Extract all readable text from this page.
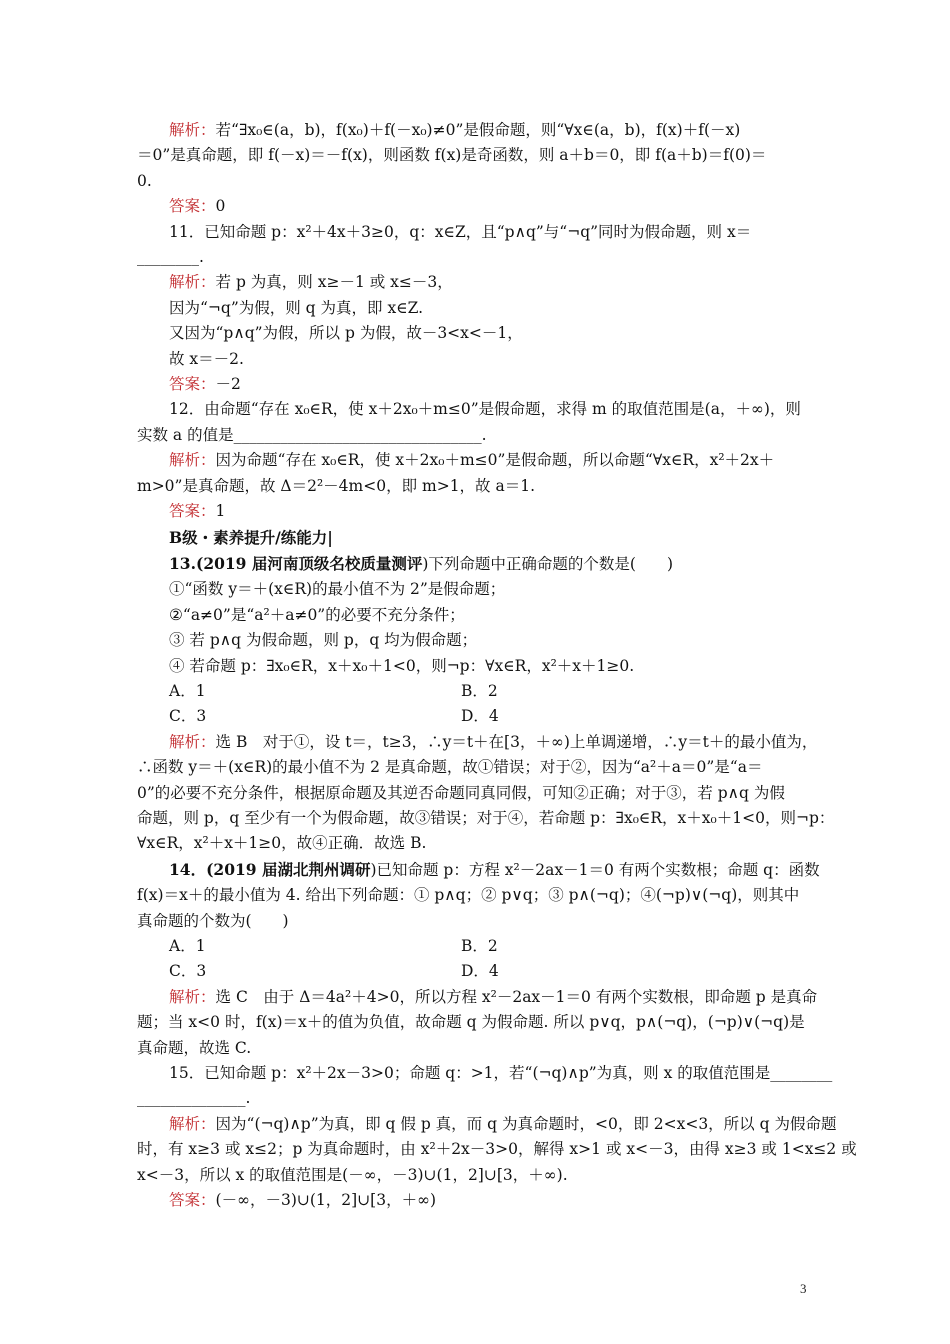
解析：若“∃x₀∈(a，b)，f(x₀)＋f(－x₀)≠0”是假命题，则“∀x∈(a，b)，f(x)＋f(－x)
＝0”是真命题，即 f(－x)＝－f(x)，则函数 f(x)是奇函数，则 a＋b＝0，即 f(a＋b)＝f(0)＝
0.
答案：0
11．已知命题 p：x²＋4x＋3≥0，q：x∈Z，且“p∧q”与“¬q”同时为假命题，则 x＝
________.
解析：若 p 为真，则 x≥－1 或 x≤－3，
因为“¬q”为假，则 q 为真，即 x∈Z.
又因为“p∧q”为假，所以 p 为假，故－3<x<－1，
故 x＝－2.
答案：－2
12．由命题“存在 x₀∈R，使 x＋2x₀＋m≤0”是假命题，求得 m 的取值范围是(a，＋∞)，则
实数 a 的值是________________________________.
解析：因为命题“存在 x₀∈R，使 x＋2x₀＋m≤0”是假命题，所以命题“∀x∈R，x²＋2x＋
m>0”是真命题，故 Δ＝2²－4m<0，即 m>1，故 a＝1.
答案：1
B级・素养提升/练能力|
13.(2019 届河南顶级名校质量测评)下列命题中正确命题的个数是(　　)
①“函数 y＝＋(x∈R)的最小值不为 2”是假命题；
②“a≠0”是“a²＋a≠0”的必要不充分条件；
③ 若 p∧q 为假命题，则 p，q 均为假命题；
④ 若命题 p：∃x₀∈R，x＋x₀＋1<0，则¬p：∀x∈R，x²＋x＋1≥0.
A．1	B．2
C．3	D．4
解析：选 B　对于①，设 t＝，t≥3，∴y＝t＋在[3，＋∞)上单调递增，∴y＝t＋的最小值为，
∴函数 y＝＋(x∈R)的最小值不为 2 是真命题，故①错误；对于②，因为“a²＋a＝0”是“a＝
0”的必要不充分条件，根据原命题及其逆否命题同真同假，可知②正确；对于③，若 p∧q 为假
命题，则 p，q 至少有一个为假命题，故③错误；对于④，若命题 p：∃x₀∈R，x＋x₀＋1<0，则¬p：
∀x∈R，x²＋x＋1≥0，故④正确．故选 B.
14．(2019 届湖北荆州调研)已知命题 p：方程 x²－2ax－1＝0 有两个实数根；命题 q：函数
f(x)＝x＋的最小值为 4. 给出下列命题：① p∧q；② p∨q；③ p∧(¬q)；④(¬p)∨(¬q)，则其中
真命题的个数为(　　)
A．1	B．2
C．3	D．4
解析：选 C　由于 Δ＝4a²＋4>0，所以方程 x²－2ax－1＝0 有两个实数根，即命题 p 是真命
题；当 x<0 时，f(x)＝x＋的值为负值，故命题 q 为假命题. 所以 p∨q，p∧(¬q)，(¬p)∨(¬q)是
真命题，故选 C.
15．已知命题 p：x²＋2x－3>0；命题 q：>1，若“(¬q)∧p”为真，则 x 的取值范围是________
______________.
解析：因为“(¬q)∧p”为真，即 q 假 p 真，而 q 为真命题时，<0，即 2<x<3，所以 q 为假命题
时，有 x≥3 或 x≤2；p 为真命题时，由 x²＋2x－3>0，解得 x>1 或 x<－3，由得 x≥3 或 1<x≤2 或
x<－3，所以 x 的取值范围是(－∞，－3)∪(1，2]∪[3，＋∞).
答案：(－∞，－3)∪(1，2]∪[3，＋∞)
3
